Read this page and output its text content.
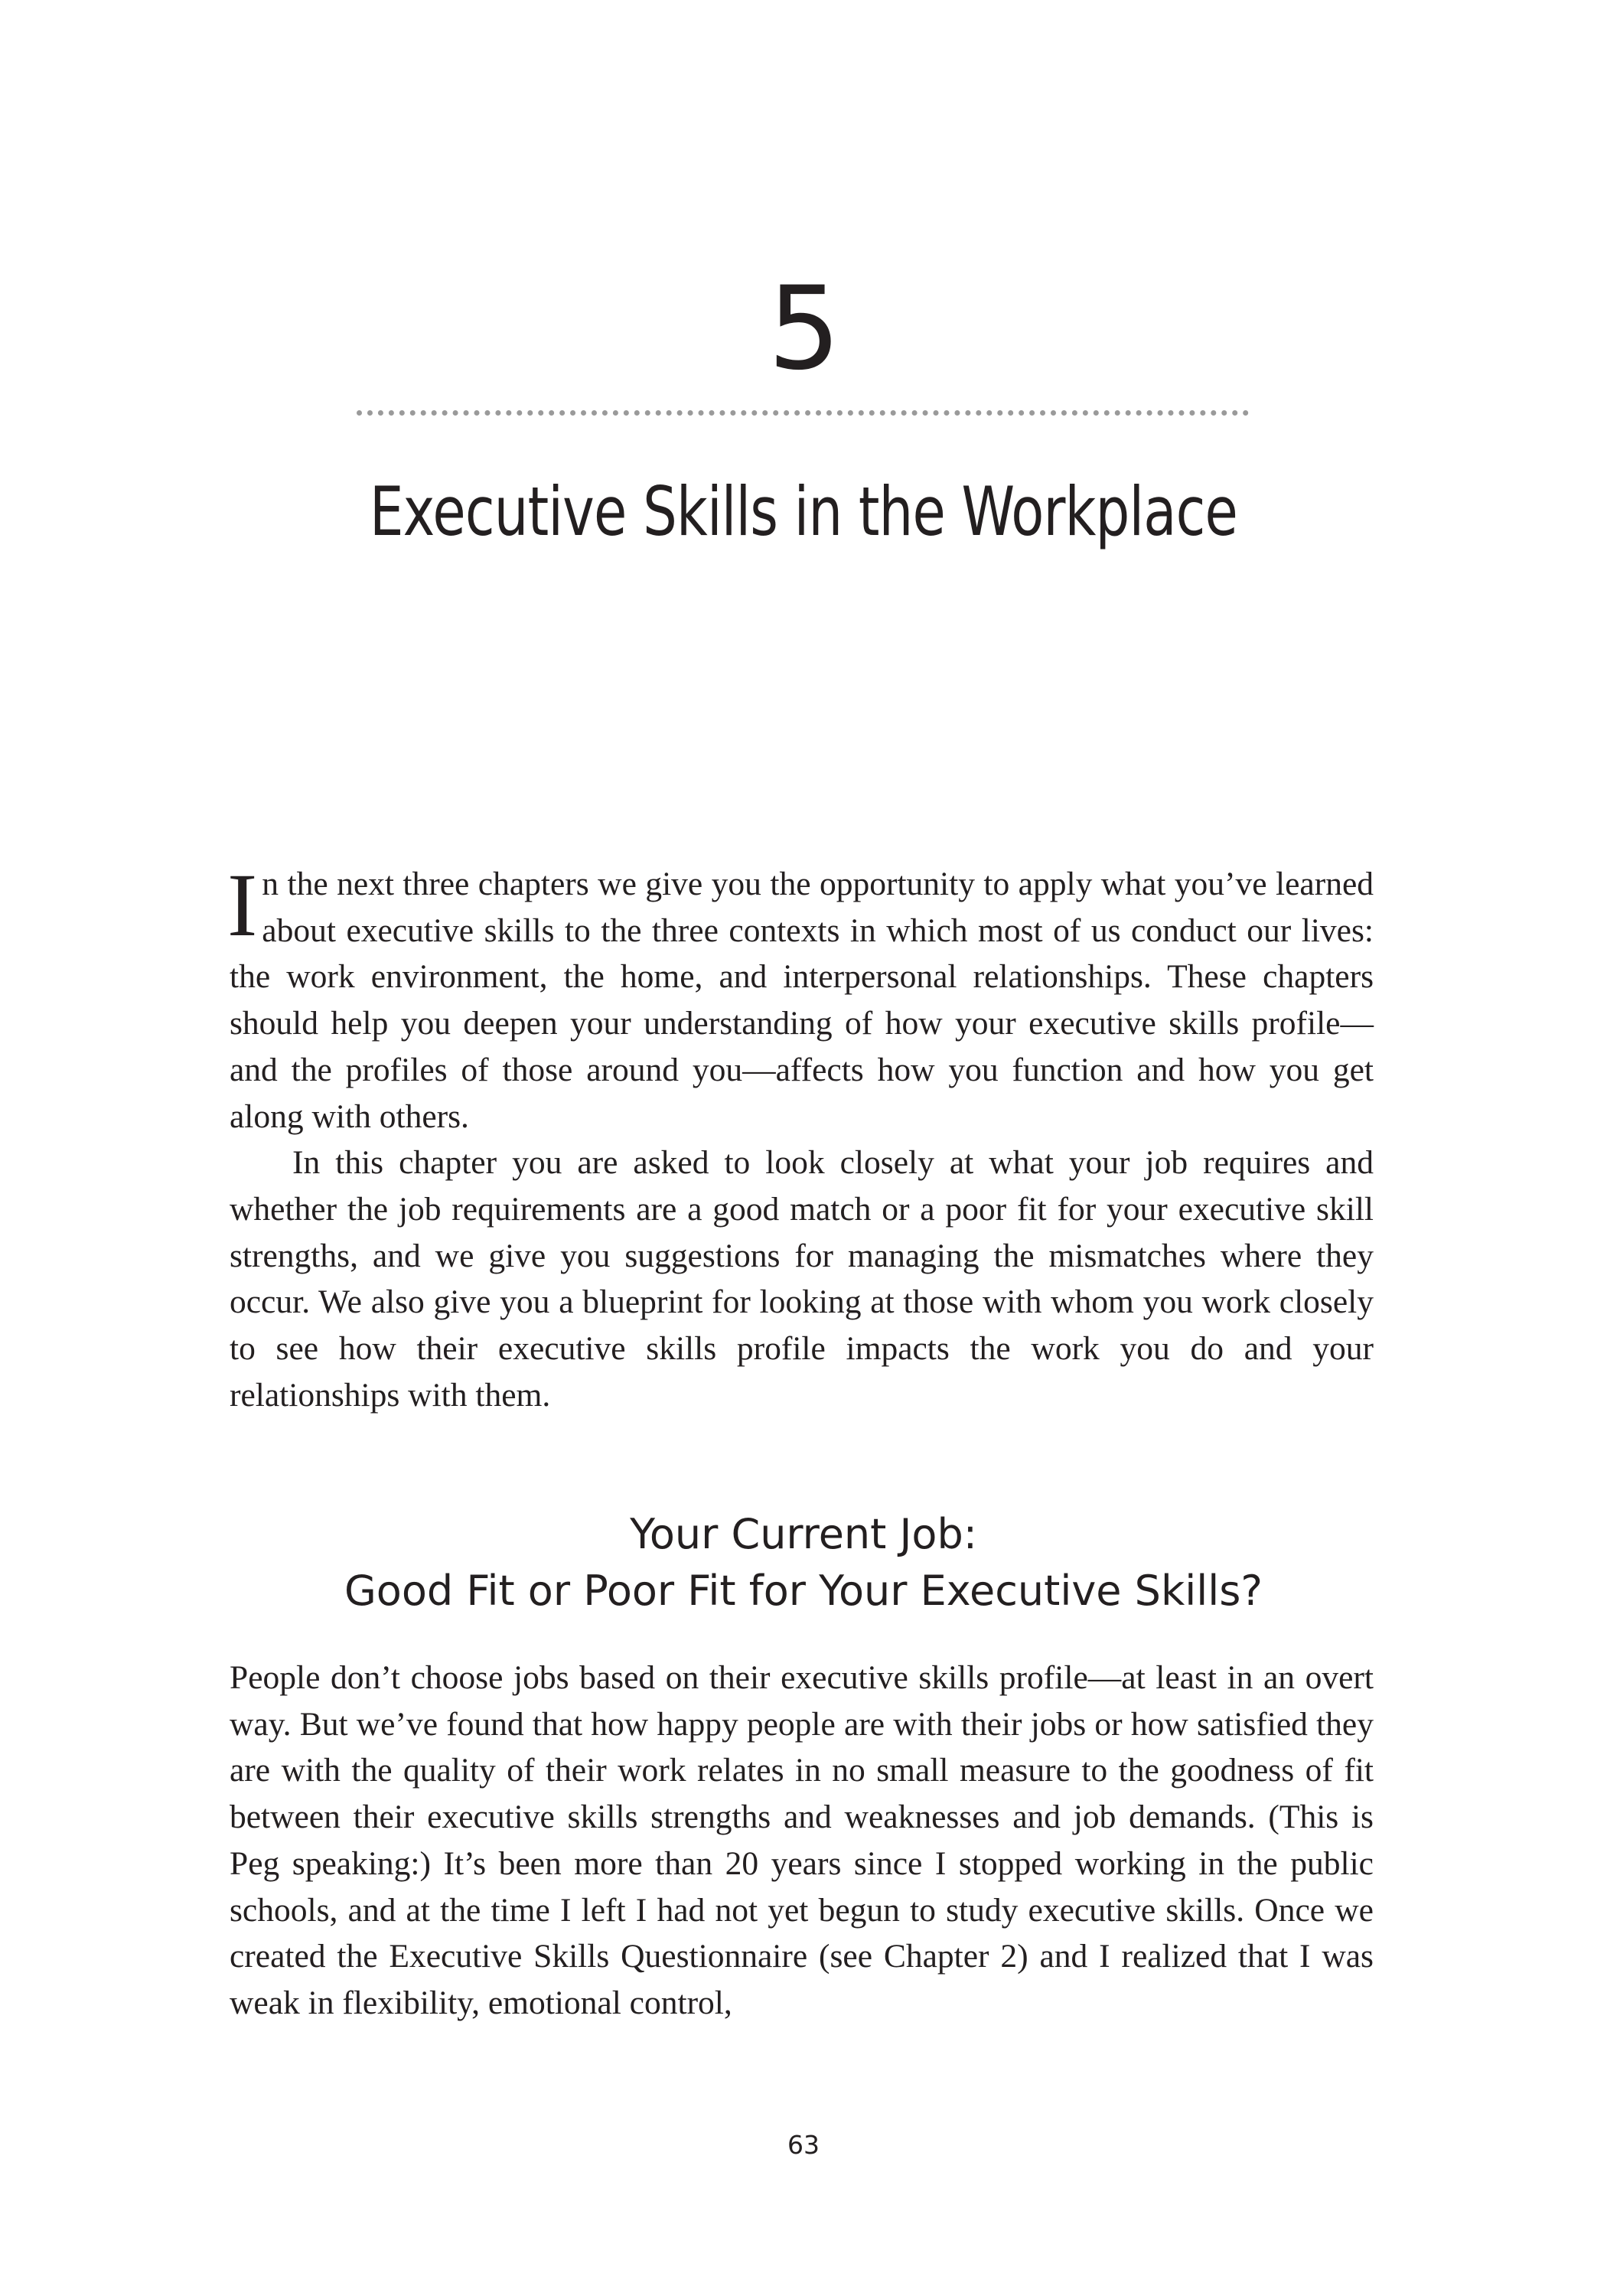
5
Executive Skills in the Workplace

In the next three chapters we give you the opportunity to apply what you’ve learned about executive skills to the three contexts in which most of us conduct our lives: the work environment, the home, and interpersonal relationships. These chapters should help you deepen your understanding of how your executive skills profile—and the profiles of those around you—affects how you function and how you get along with others.

In this chapter you are asked to look closely at what your job requires and whether the job requirements are a good match or a poor fit for your executive skill strengths, and we give you suggestions for managing the mismatches where they occur. We also give you a blueprint for looking at those with whom you work closely to see how their executive skills profile impacts the work you do and your relationships with them.

Your Current Job:
Good Fit or Poor Fit for Your Executive Skills?

People don’t choose jobs based on their executive skills profile—at least in an overt way. But we’ve found that how happy people are with their jobs or how satisfied they are with the quality of their work relates in no small measure to the goodness of fit between their executive skills strengths and weaknesses and job demands. (This is Peg speaking:) It’s been more than 20 years since I stopped working in the public schools, and at the time I left I had not yet begun to study executive skills. Once we created the Executive Skills Questionnaire (see Chapter 2) and I realized that I was weak in flexibility, emotional control,

63
